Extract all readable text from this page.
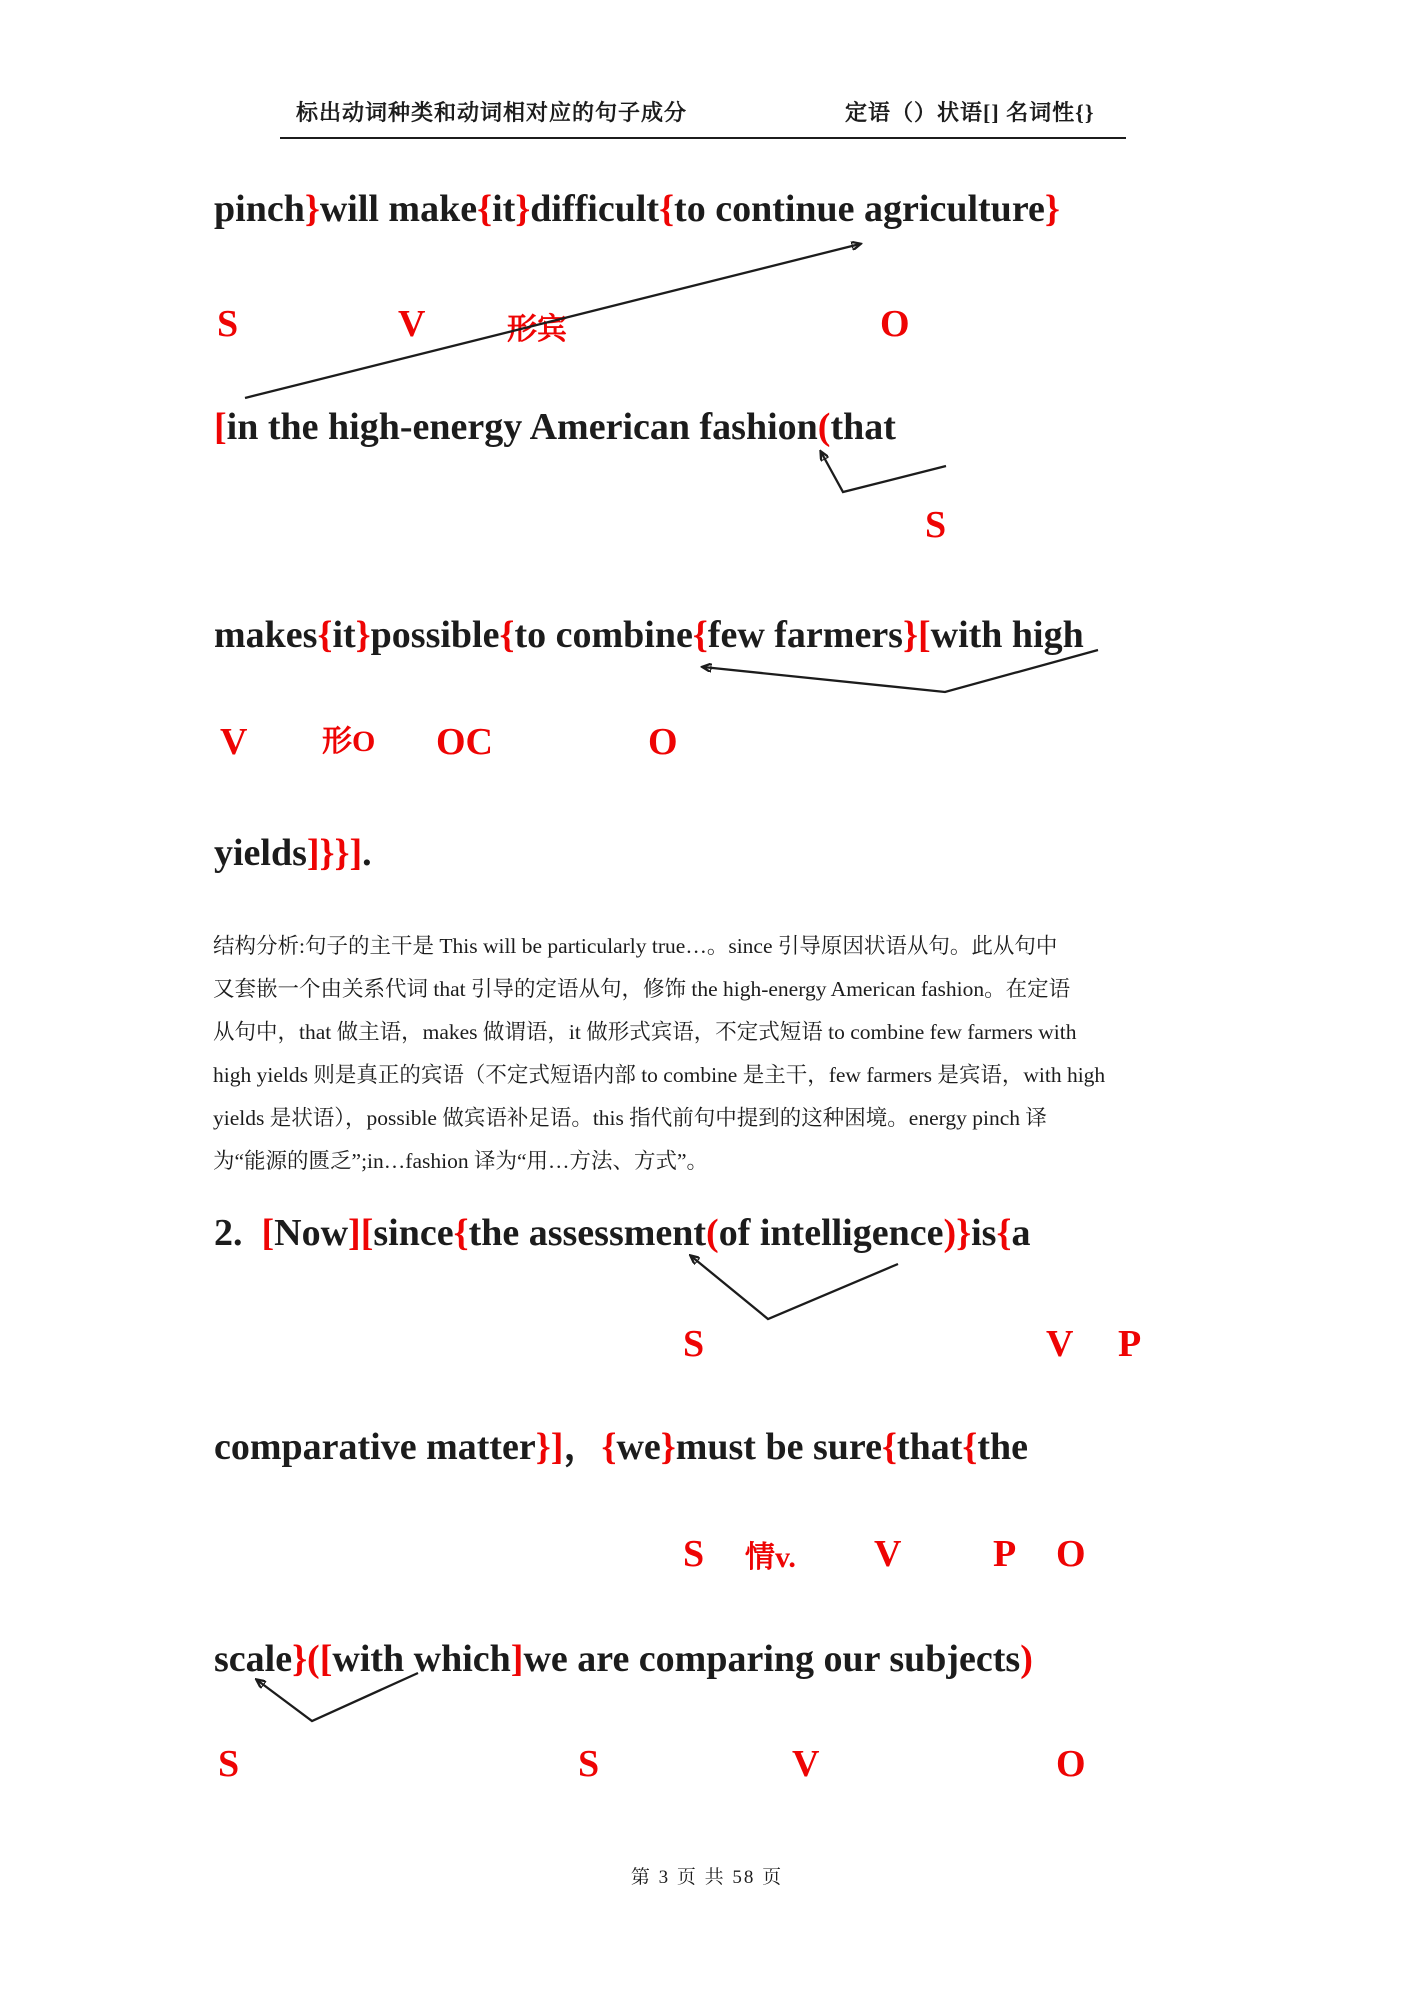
标出动词种类和动词相对应的句子成分	定语（）状语[] 名词性{}
pinch}will make{it}difficult{to continue agriculture}
S	V	形宾	O
[in the high-energy American fashion(that
S
makes{it}possible{to combine{few farmers}[with high
V 形O OC	O
yields]}}].
结构分析:句子的主干是 This will be particularly true…。since 引导原因状语从句。此从句中
又套嵌一个由关系代词 that 引导的定语从句，修饰 the high-energy American fashion。在定语
从句中，that 做主语，makes 做谓语，it 做形式宾语，不定式短语 to combine few farmers with
high yields 则是真正的宾语（不定式短语内部 to combine 是主干，few farmers 是宾语，with high
yields 是状语），possible 做宾语补足语。this 指代前句中提到的这种困境。energy pinch 译
为“能源的匮乏”;in…fashion 译为“用…方法、方式”。
2.  [Now][since{the assessment(of intelligence)}is{a
S	V P
comparative matter}]，{we}must be sure{that{the
S 情v. V P O
scale}([with which]we are comparing our subjects)
S	S	V	O
第 3 页 共 58 页
